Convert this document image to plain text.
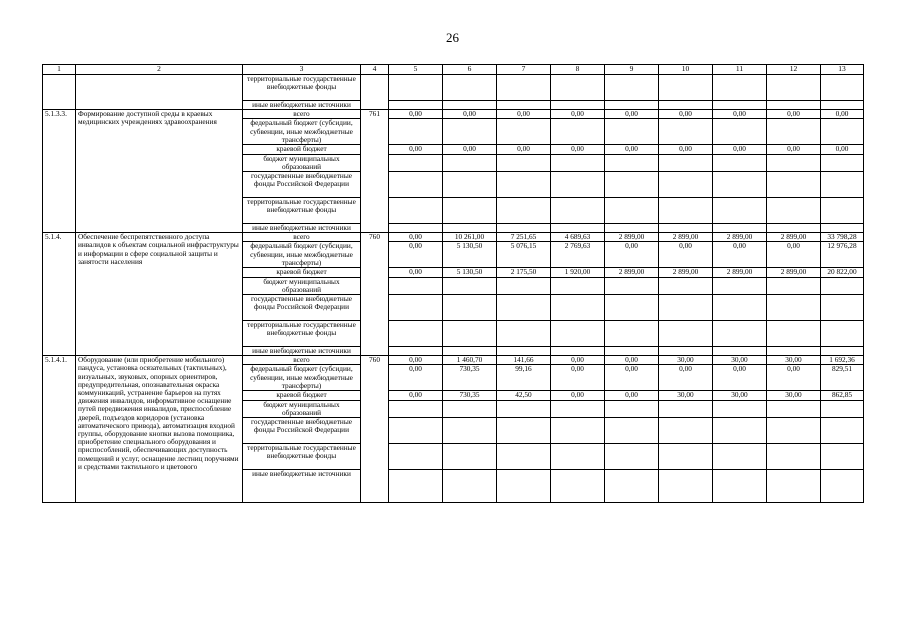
26
1	2	3	4	5	6	7	8	9	10	11	12	13
		территориальные государственные внебюджетные фонды										
		иные внебюджетные источники										
5.1.3.3.	Формирование доступной среды в краевых медицинских учреждениях здравоохранения	всего	761	0,00	0,00	0,00	0,00	0,00	0,00	0,00	0,00	0,00
		федеральный бюджет (субсидии, субвенции, иные межбюджетные трансферты)										
		краевой бюджет		0,00	0,00	0,00	0,00	0,00	0,00	0,00	0,00	0,00
		бюджет муниципальных образований										
		государственные внебюджетные фонды Российской Федерации										
		территориальные государственные внебюджетные фонды										
		иные внебюджетные источники										
5.1.4.	Обеспечение беспрепятственного доступа инвалидов к объектам социальной инфраструктуры и информации в сфере социальной защиты и занятости населения	всего	760	0,00	10 261,00	7 251,65	4 689,63	2 899,00	2 899,00	2 899,00	2 899,00	33 798,28
		федеральный бюджет (субсидии, субвенции, иные межбюджетные трансферты)		0,00	5 130,50	5 076,15	2 769,63	0,00	0,00	0,00	0,00	12 976,28
		краевой бюджет		0,00	5 130,50	2 175,50	1 920,00	2 899,00	2 899,00	2 899,00	2 899,00	20 822,00
		бюджет муниципальных образований										
		государственные внебюджетные фонды Российской Федерации										
		территориальные государственные внебюджетные фонды										
		иные внебюджетные источники										
5.1.4.1.	Оборудование (или приобретение мобильного) пандуса, установка осязательных (тактильных), визуальных, звуковых, опорных ориентиров, предупредительная, опознавательная окраска коммуникаций, устранение барьеров на путях движения инвалидов, информативное оснащение путей передвижения инвалидов, приспособление дверей, подъездов коридоров (установка автоматического привода), автоматизация входной группы, оборудование кнопки вызова помощника, приобретение специального оборудования и приспособлений, обеспечивающих доступность помещений и услуг, оснащение лестниц поручнями и средствами тактильного и цветового	всего	760	0,00	1 460,70	141,66	0,00	0,00	30,00	30,00	30,00	1 692,36
		федеральный бюджет (субсидии, субвенции, иные межбюджетные трансферты)		0,00	730,35	99,16	0,00	0,00	0,00	0,00	0,00	829,51
		краевой бюджет		0,00	730,35	42,50	0,00	0,00	30,00	30,00	30,00	862,85
		бюджет муниципальных образований										
		государственные внебюджетные фонды Российской Федерации										
		территориальные государственные внебюджетные фонды										
		иные внебюджетные источники										
